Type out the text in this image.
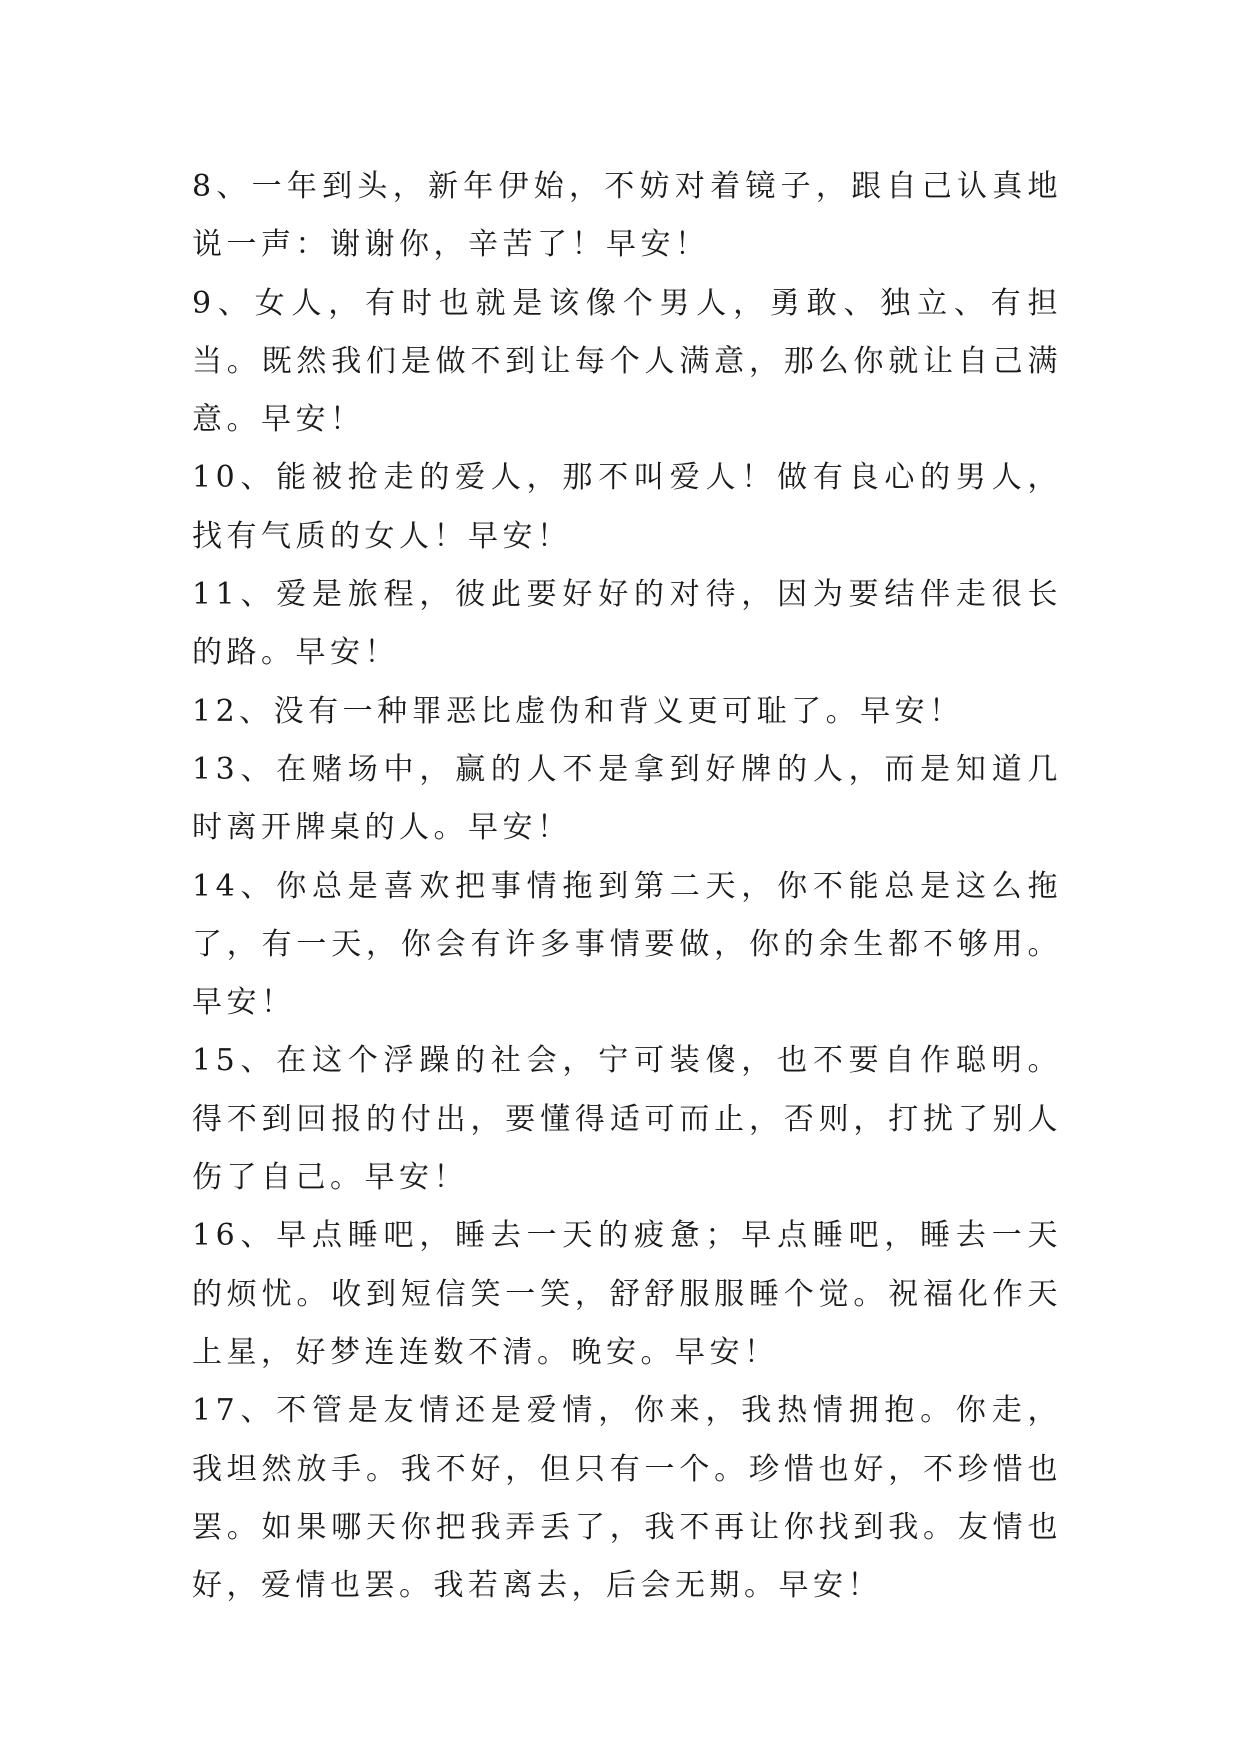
8、一年到头，新年伊始，不妨对着镜子，跟自己认真地说一声：谢谢你，辛苦了！早安！

9、女人，有时也就是该像个男人，勇敢、独立、有担当。既然我们是做不到让每个人满意，那么你就让自己满意。早安！

10、能被抢走的爱人，那不叫爱人！做有良心的男人，找有气质的女人！早安！

11、爱是旅程，彼此要好好的对待，因为要结伴走很长的路。早安！

12、没有一种罪恶比虚伪和背义更可耻了。早安！

13、在赌场中，赢的人不是拿到好牌的人，而是知道几时离开牌桌的人。早安！

14、你总是喜欢把事情拖到第二天，你不能总是这么拖了，有一天，你会有许多事情要做，你的余生都不够用。早安！

15、在这个浮躁的社会，宁可装傻，也不要自作聪明。得不到回报的付出，要懂得适可而止，否则，打扰了别人伤了自己。早安！

16、早点睡吧，睡去一天的疲惫；早点睡吧，睡去一天的烦忧。收到短信笑一笑，舒舒服服睡个觉。祝福化作天上星，好梦连连数不清。晚安。早安！

17、不管是友情还是爱情，你来，我热情拥抱。你走，我坦然放手。我不好，但只有一个。珍惜也好，不珍惜也罢。如果哪天你把我弄丢了，我不再让你找到我。友情也好，爱情也罢。我若离去，后会无期。早安！
